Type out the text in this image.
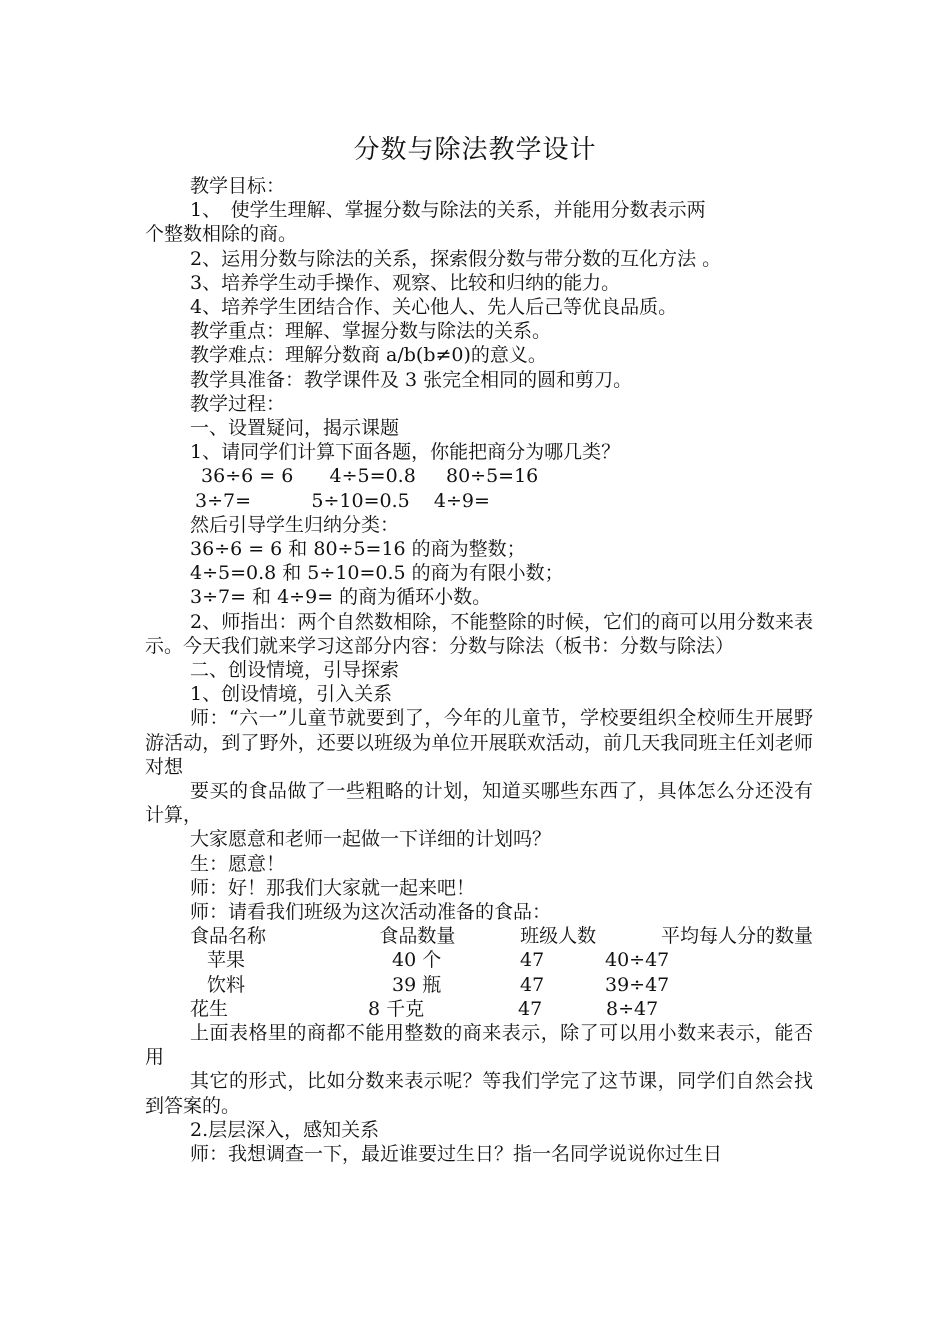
分数与除法教学设计

教学目标：

1、　使学生理解、掌握分数与除法的关系，并能用分数表示两

个整数相除的商。

2、运用分数与除法的关系，探索假分数与带分数的互化方法 。

3、培养学生动手操作、观察、比较和归纳的能力。

4、培养学生团结合作、关心他人、先人后己等优良品质。

教学重点：理解、掌握分数与除法的关系。

教学难点：理解分数商 a/b(b≠0)的意义。

教学具准备：教学课件及 3 张完全相同的圆和剪刀。

教学过程：

一、设置疑问，揭示课题

1、请同学们计算下面各题，你能把商分为哪几类？

36÷6 = 6      4÷5=0.8     80÷5=16

3÷7=          5÷10=0.5    4÷9=

然后引导学生归纳分类：

36÷6 = 6 和 80÷5=16 的商为整数；

4÷5=0.8 和 5÷10=0.5 的商为有限小数；

3÷7= 和 4÷9= 的商为循环小数。

2、师指出：两个自然数相除，不能整除的时候，它们的商可以用分数来表示。今天我们就来学习这部分内容：分数与除法（板书：分数与除法）

二、创设情境，引导探索

1、创设情境，引入关系

师：“六一”儿童节就要到了，今年的儿童节，学校要组织全校师生开展野游活动，到了野外，还要以班级为单位开展联欢活动，前几天我同班主任刘老师对想

要买的食品做了一些粗略的计划，知道买哪些东西了，具体怎么分还没有计算，

大家愿意和老师一起做一下详细的计划吗？

生：愿意！

师：好！那我们大家就一起来吧！

师：请看我们班级为这次活动准备的食品：

食品名称	食品数量	班级人数	平均每人分的数量
苹果	40 个	47	40÷47
饮料	39 瓶	47	39÷47
花生	8 千克	47	8÷47

上面表格里的商都不能用整数的商来表示，除了可以用小数来表示，能否用

其它的形式，比如分数来表示呢？等我们学完了这节课，同学们自然会找到答案的。

2.层层深入，感知关系

师：我想调查一下，最近谁要过生日？指一名同学说说你过生日
